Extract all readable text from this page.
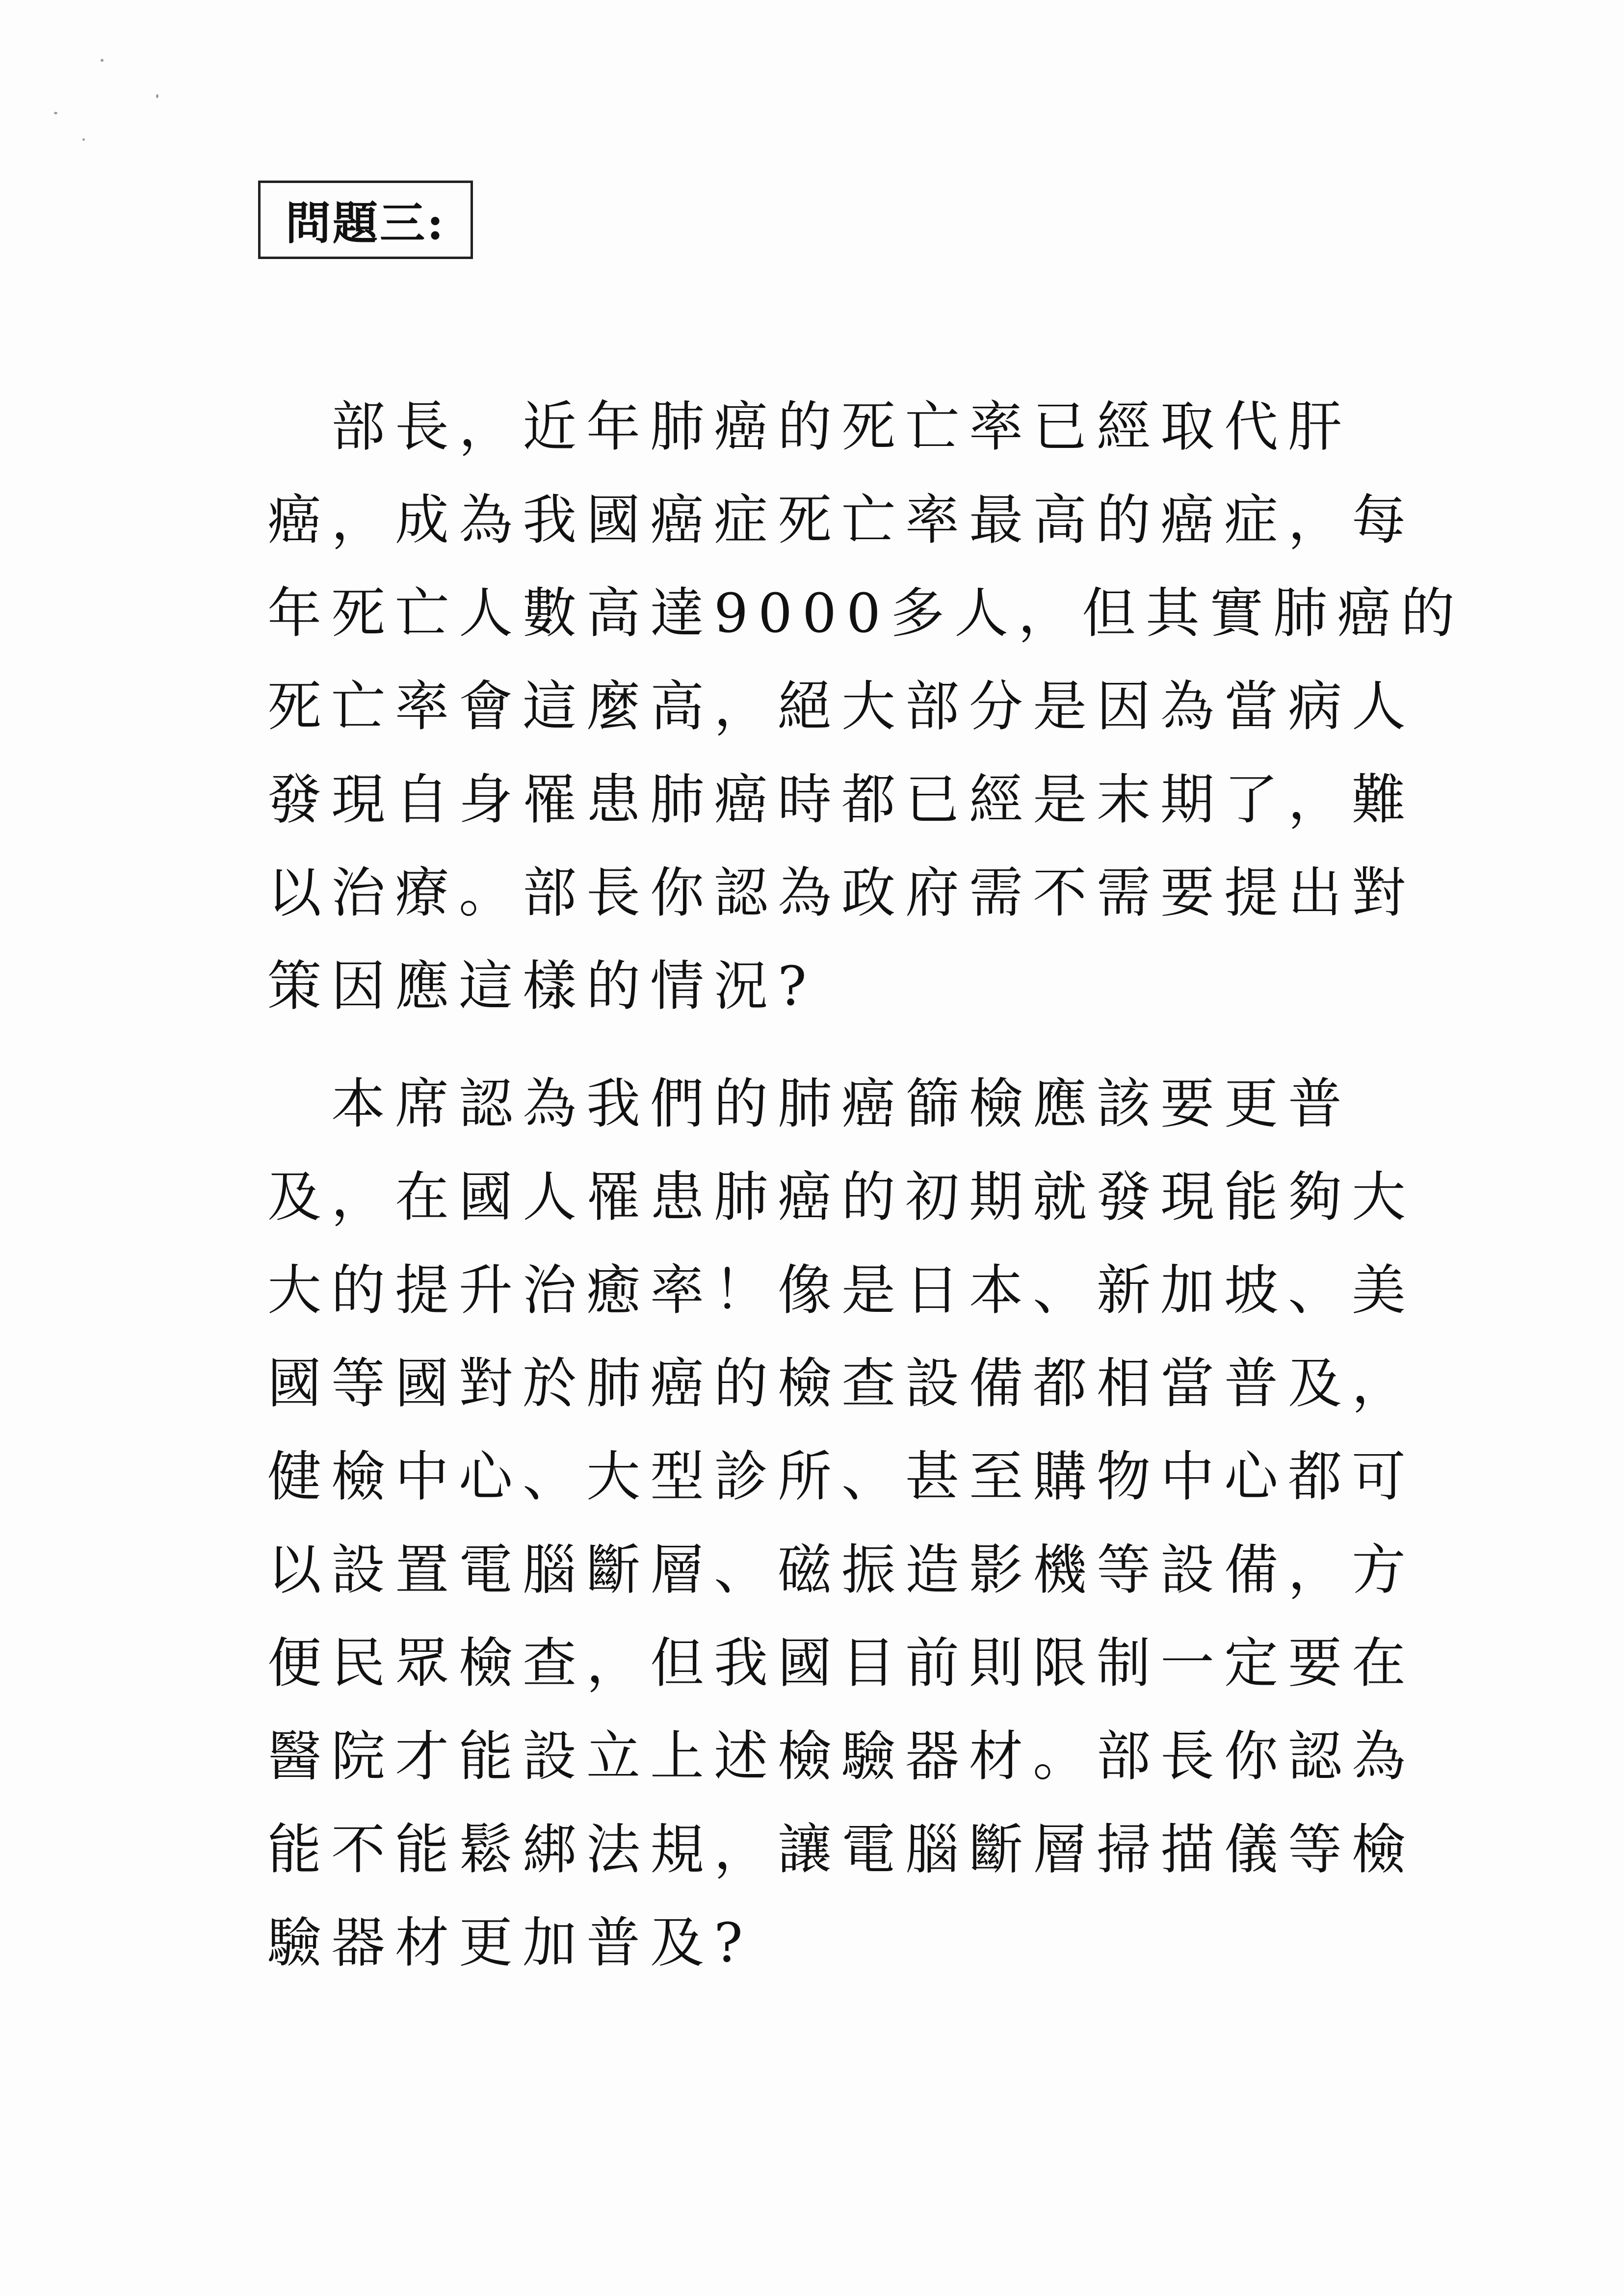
問題三:
　部長，近年肺癌的死亡率已經取代肝
癌，成為我國癌症死亡率最高的癌症，每
年死亡人數高達9000多人，但其實肺癌的
死亡率會這麼高，絕大部分是因為當病人
發現自身罹患肺癌時都已經是末期了，難
以治療。部長你認為政府需不需要提出對
策因應這樣的情況?
　本席認為我們的肺癌篩檢應該要更普
及，在國人罹患肺癌的初期就發現能夠大
大的提升治癒率！像是日本、新加坡、美
國等國對於肺癌的檢查設備都相當普及，
健檢中心、大型診所、甚至購物中心都可
以設置電腦斷層、磁振造影機等設備，方
便民眾檢查，但我國目前則限制一定要在
醫院才能設立上述檢驗器材。部長你認為
能不能鬆綁法規，讓電腦斷層掃描儀等檢
驗器材更加普及?
